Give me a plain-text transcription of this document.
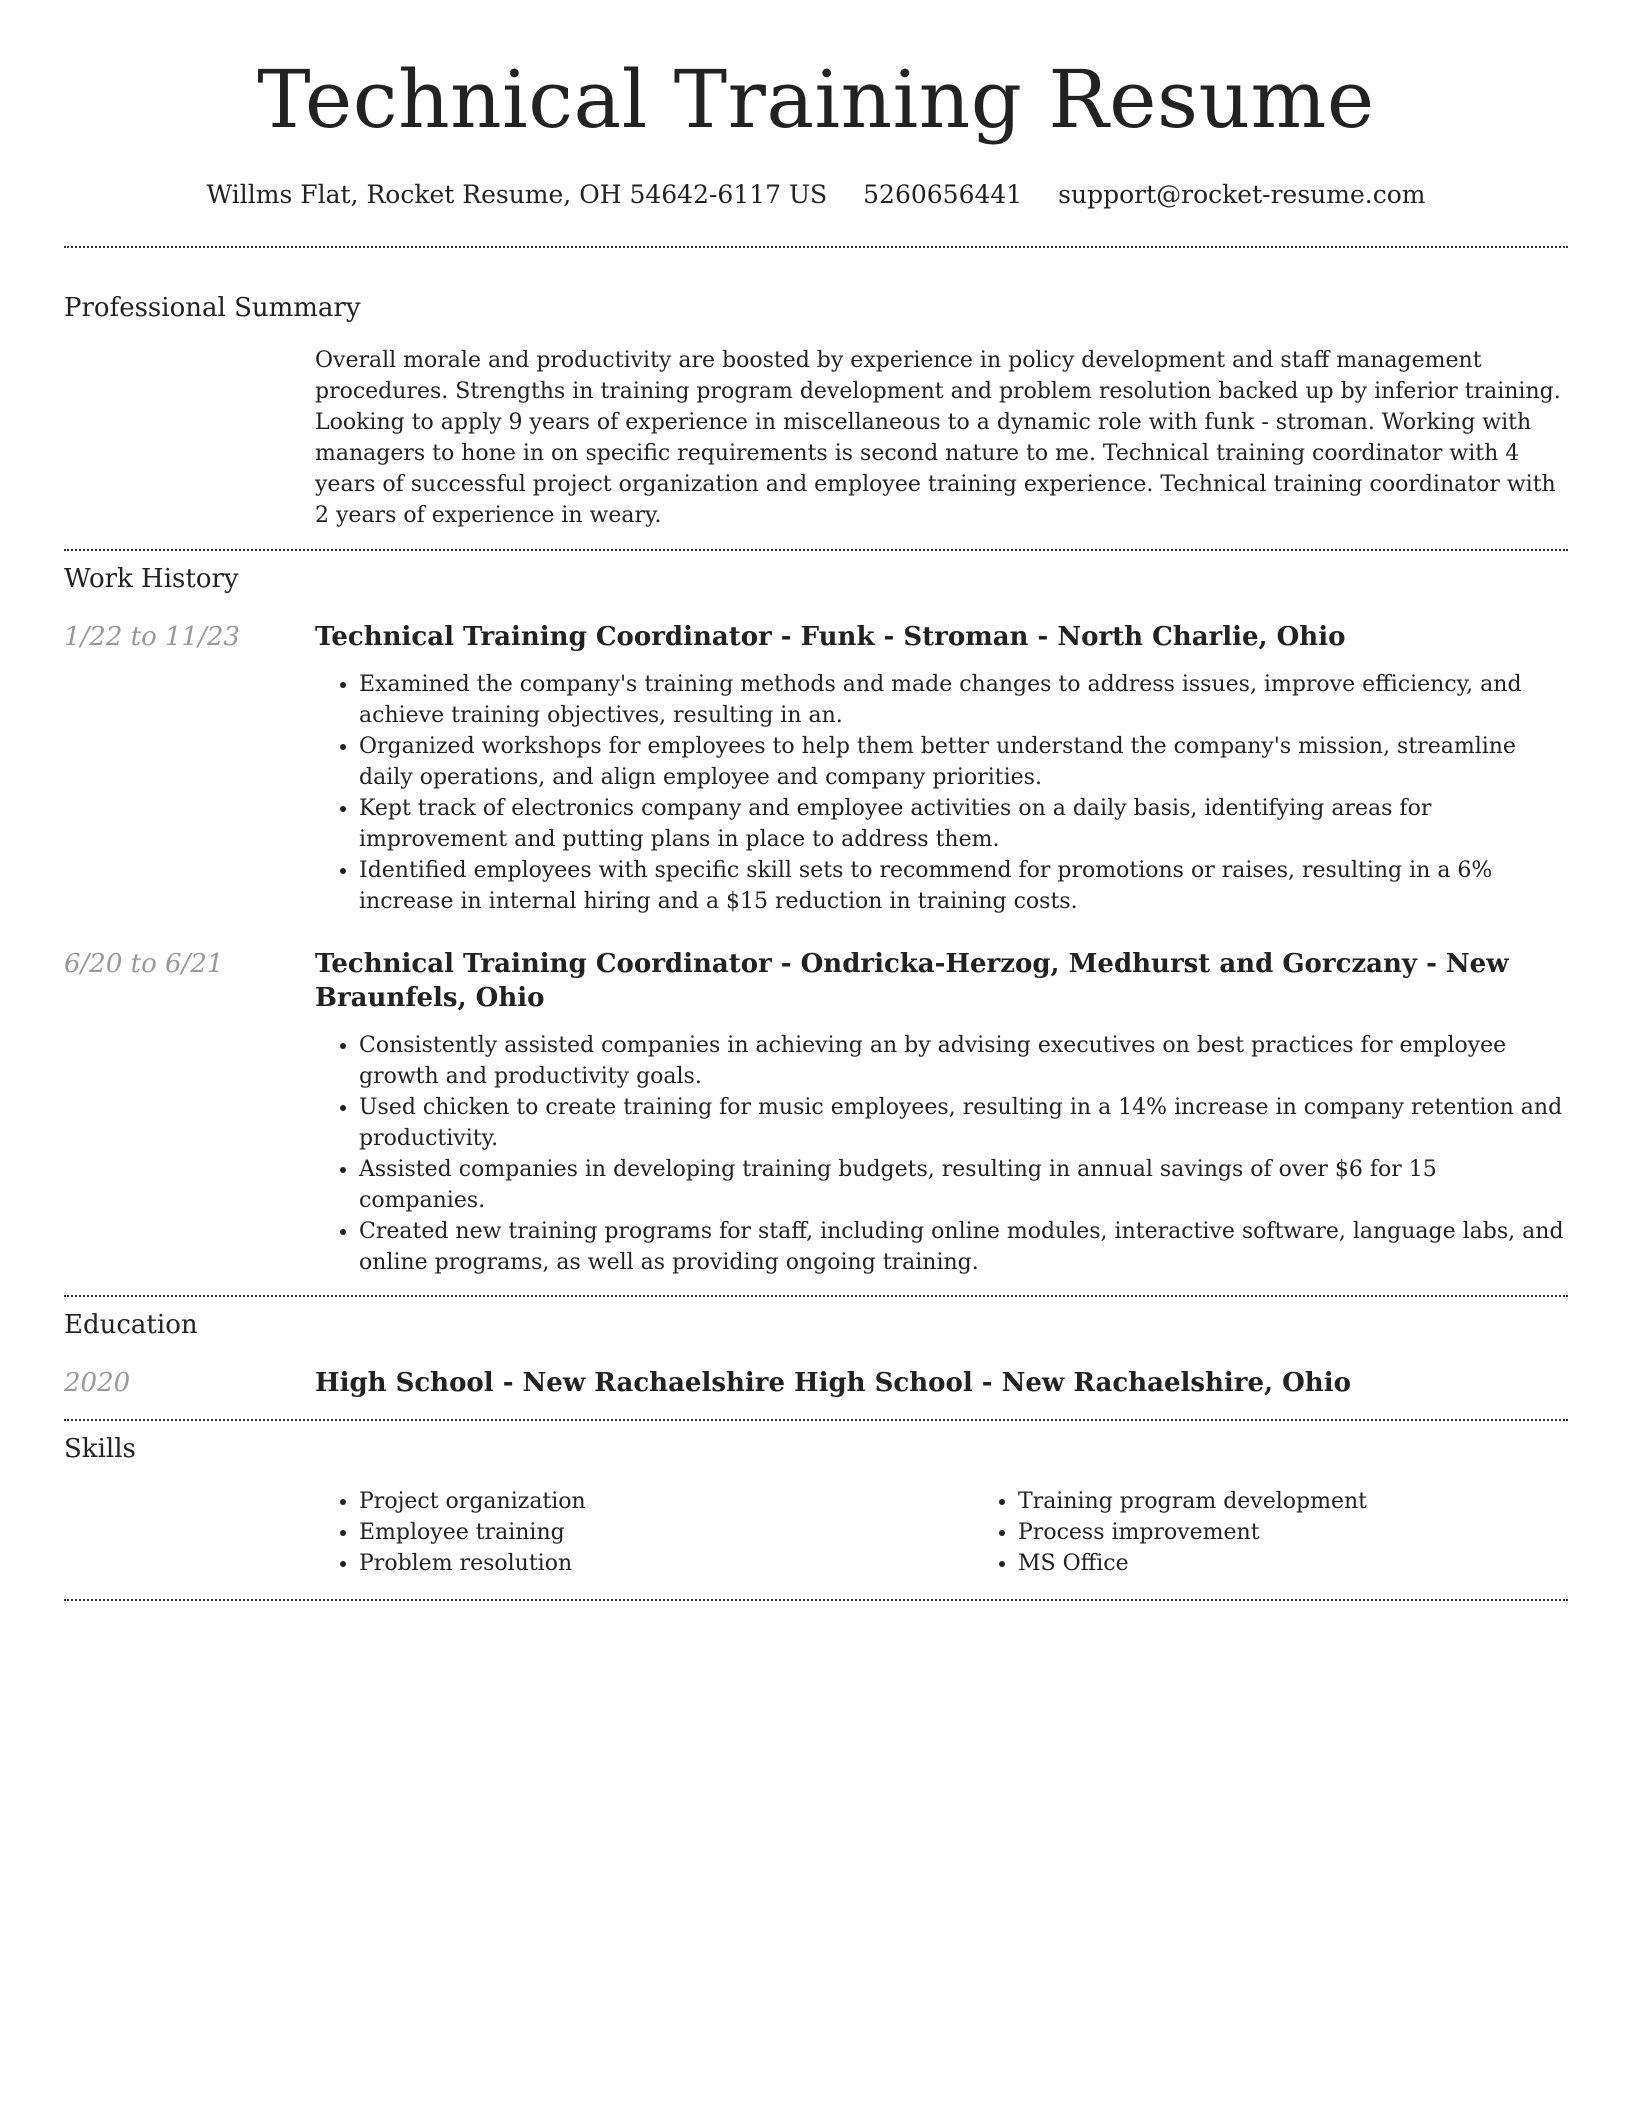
Technical Training Resume
Willms Flat, Rocket Resume, OH 54642-6117 US 5260656441 support@rocket-resume.com
Professional Summary

Overall morale and productivity are boosted by experience in policy development and staff management procedures. Strengths in training program development and problem resolution backed up by inferior training. Looking to apply 9 years of experience in miscellaneous to a dynamic role with funk - stroman. Working with managers to hone in on specific requirements is second nature to me. Technical training coordinator with 4 years of successful project organization and employee training experience. Technical training coordinator with 2 years of experience in weary.

Work History
1/22 to 11/23	Technical Training Coordinator - Funk - Stroman - North Charlie, Ohio
• Examined the company's training methods and made changes to address issues, improve efficiency, and achieve training objectives, resulting in an.
• Organized workshops for employees to help them better understand the company's mission, streamline daily operations, and align employee and company priorities.
• Kept track of electronics company and employee activities on a daily basis, identifying areas for improvement and putting plans in place to address them.
• Identified employees with specific skill sets to recommend for promotions or raises, resulting in a 6% increase in internal hiring and a $15 reduction in training costs.
6/20 to 6/21	Technical Training Coordinator - Ondricka-Herzog, Medhurst and Gorczany - New Braunfels, Ohio
• Consistently assisted companies in achieving an by advising executives on best practices for employee growth and productivity goals.
• Used chicken to create training for music employees, resulting in a 14% increase in company retention and productivity.
• Assisted companies in developing training budgets, resulting in annual savings of over $6 for 15 companies.
• Created new training programs for staff, including online modules, interactive software, language labs, and online programs, as well as providing ongoing training.
Education
2020	High School - New Rachaelshire High School - New Rachaelshire, Ohio
Skills
• Project organization
• Employee training
• Problem resolution
• Training program development
• Process improvement
• MS Office
